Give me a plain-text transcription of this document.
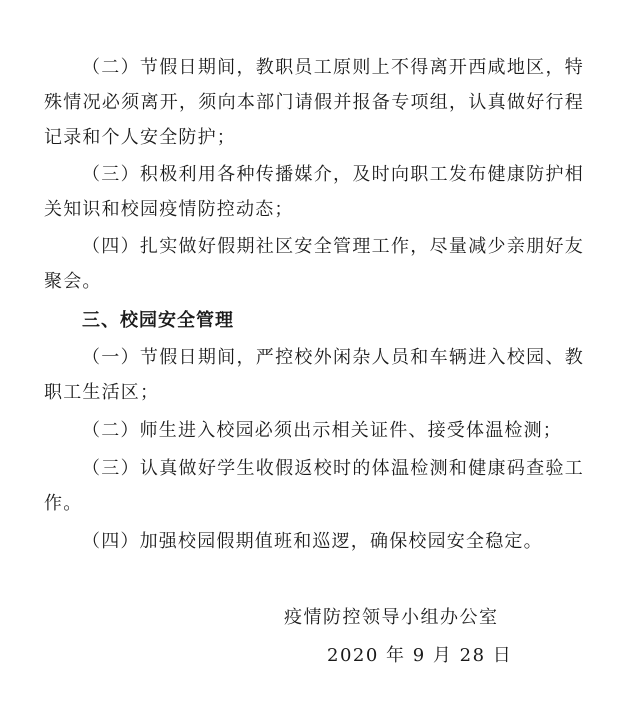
（二）节假日期间，教职员工原则上不得离开西咸地区，特殊情况必须离开，须向本部门请假并报备专项组，认真做好行程记录和个人安全防护；

（三）积极利用各种传播媒介，及时向职工发布健康防护相关知识和校园疫情防控动态；

（四）扎实做好假期社区安全管理工作，尽量减少亲朋好友聚会。

三、校园安全管理

（一）节假日期间，严控校外闲杂人员和车辆进入校园、教职工生活区；

（二）师生进入校园必须出示相关证件、接受体温检测；

（三）认真做好学生收假返校时的体温检测和健康码查验工作。

（四）加强校园假期值班和巡逻，确保校园安全稳定。

疫情防控领导小组办公室

2020 年 9 月 28 日
